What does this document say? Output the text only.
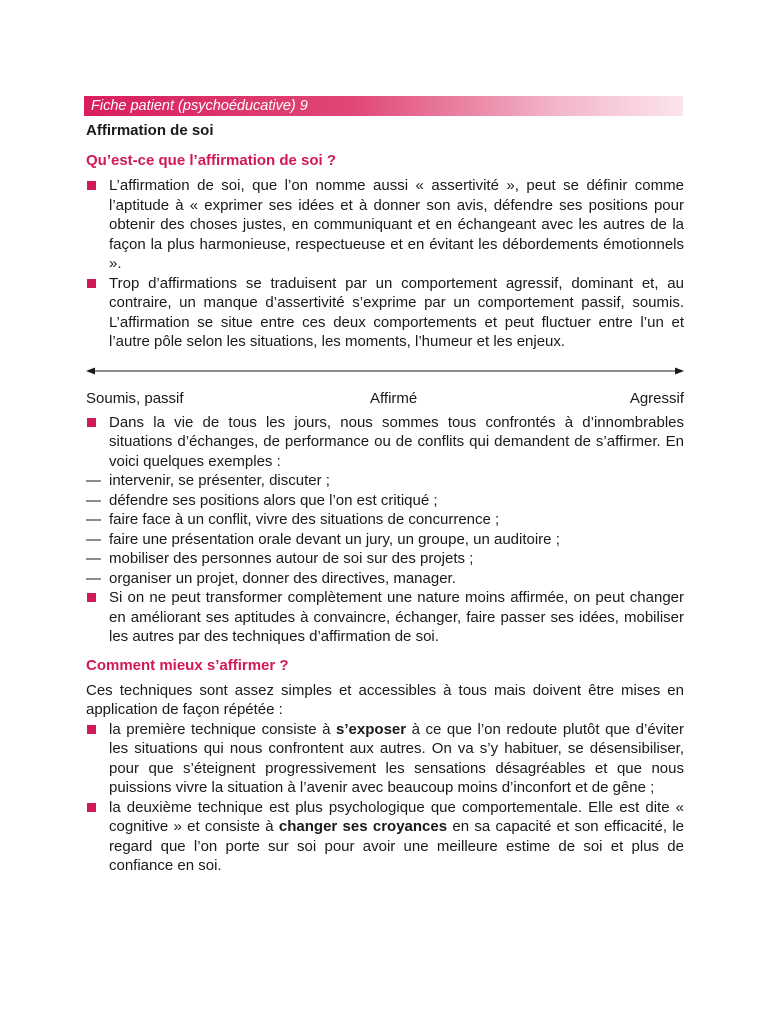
Fiche patient (psychoéducative) 9
Affirmation de soi
Qu’est-ce que l’affirmation de soi ?

L’affirmation de soi, que l’on nomme aussi « assertivité », peut se définir comme l’aptitude à « exprimer ses idées et à donner son avis, défendre ses positions pour obtenir des choses justes, en communiquant et en échangeant avec les autres de la façon la plus harmonieuse, respectueuse et en évitant les débordements émotionnels ».

Trop d’affirmations se traduisent par un comportement agressif, dominant et, au contraire, un manque d’assertivité s’exprime par un comportement passif, soumis. L’affirmation se situe entre ces deux comportements et peut fluctuer entre l’un et l’autre pôle selon les situations, les moments, l’humeur et les enjeux.

Soumis, passif	Affirmé	Agressif

Dans la vie de tous les jours, nous sommes tous confrontés à d’innombrables situations d’échanges, de performance ou de conflits qui demandent de s’affirmer. En voici quelques exemples :

— intervenir, se présenter, discuter ;
— défendre ses positions alors que l’on est critiqué ;
— faire face à un conflit, vivre des situations de concurrence ;
— faire une présentation orale devant un jury, un groupe, un auditoire ;
— mobiliser des personnes autour de soi sur des projets ;
— organiser un projet, donner des directives, manager.

Si on ne peut transformer complètement une nature moins affirmée, on peut changer en améliorant ses aptitudes à convaincre, échanger, faire passer ses idées, mobiliser les autres par des techniques d’affirmation de soi.

Comment mieux s’affirmer ?

Ces techniques sont assez simples et accessibles à tous mais doivent être mises en application de façon répétée :

la première technique consiste à s’exposer à ce que l’on redoute plutôt que d’éviter les situations qui nous confrontent aux autres. On va s’y habituer, se désensibiliser, pour que s’éteignent progressivement les sensations désagréables et que nous puissions vivre la situation à l’avenir avec beaucoup moins d’inconfort et de gêne ;

la deuxième technique est plus psychologique que comportementale. Elle est dite « cognitive » et consiste à changer ses croyances en sa capacité et son efficacité, le regard que l’on porte sur soi pour avoir une meilleure estime de soi et plus de confiance en soi.
